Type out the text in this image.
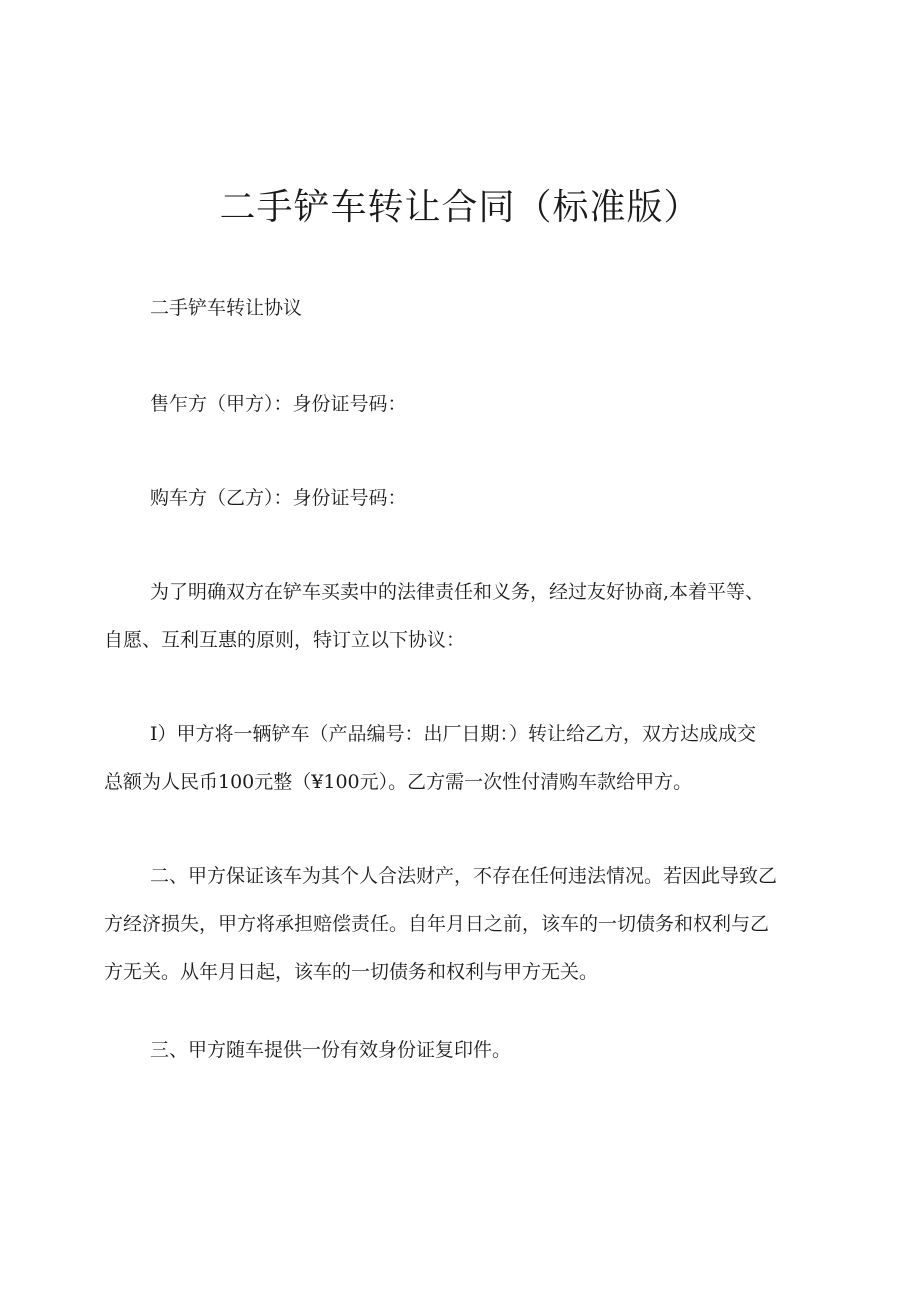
二手铲车转让合同（标准版）

二手铲车转让协议

售乍方（甲方）：身份证号码：

购车方（乙方）：身份证号码：

为了明确双方在铲车买卖中的法律责任和义务，经过友好协商,本着平等、

自愿、互利互惠的原则，特订立以下协议：

I）甲方将一辆铲车（产品编号：出厂日期：）转让给乙方，双方达成成交

总额为人民币100元整（¥100元）。乙方需一次性付清购车款给甲方。

二、甲方保证该车为其个人合法财产，不存在任何违法情况。若因此导致乙

方经济损失，甲方将承担赔偿责任。自年月日之前，该车的一切债务和权利与乙

方无关。从年月日起，该车的一切债务和权利与甲方无关。

三、甲方随车提供一份有效身份证复印件。
